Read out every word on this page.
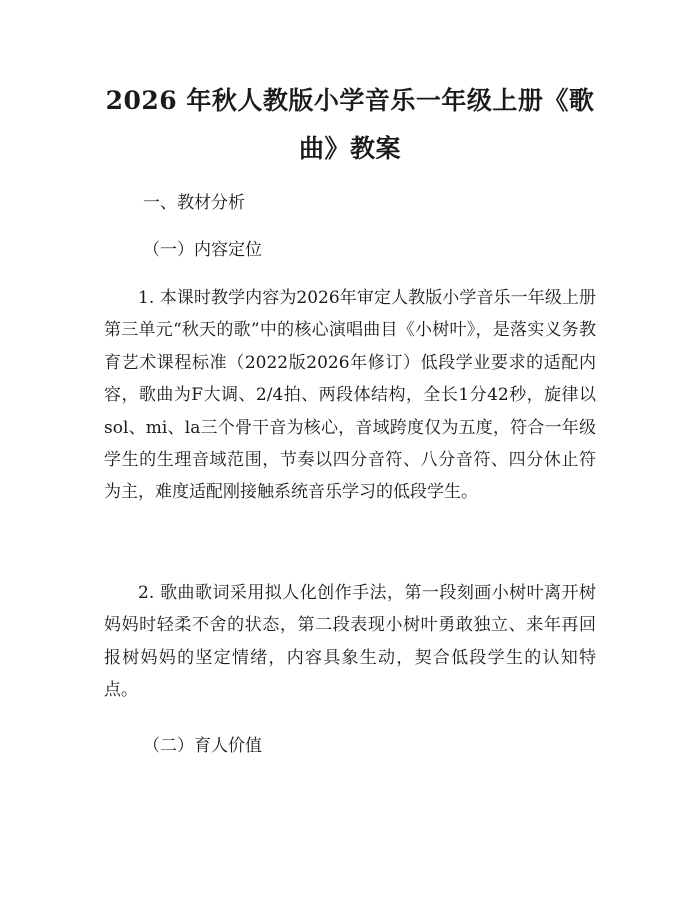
2026 年秋人教版小学音乐一年级上册《歌
曲》教案
一、教材分析
（一）内容定位

1. 本课时教学内容为2026年审定人教版小学音乐一年级上册第三单元“秋天的歌”中的核心演唱曲目《小树叶》，是落实义务教育艺术课程标准（2022版2026年修订）低段学业要求的适配内容，歌曲为F大调、2/4拍、两段体结构，全长1分42秒，旋律以sol、mi、la三个骨干音为核心，音域跨度仅为五度，符合一年级学生的生理音域范围，节奏以四分音符、八分音符、四分休止符为主，难度适配刚接触系统音乐学习的低段学生。

2. 歌曲歌词采用拟人化创作手法，第一段刻画小树叶离开树妈妈时轻柔不舍的状态，第二段表现小树叶勇敢独立、来年再回报树妈妈的坚定情绪，内容具象生动，契合低段学生的认知特点。

（二）育人价值
